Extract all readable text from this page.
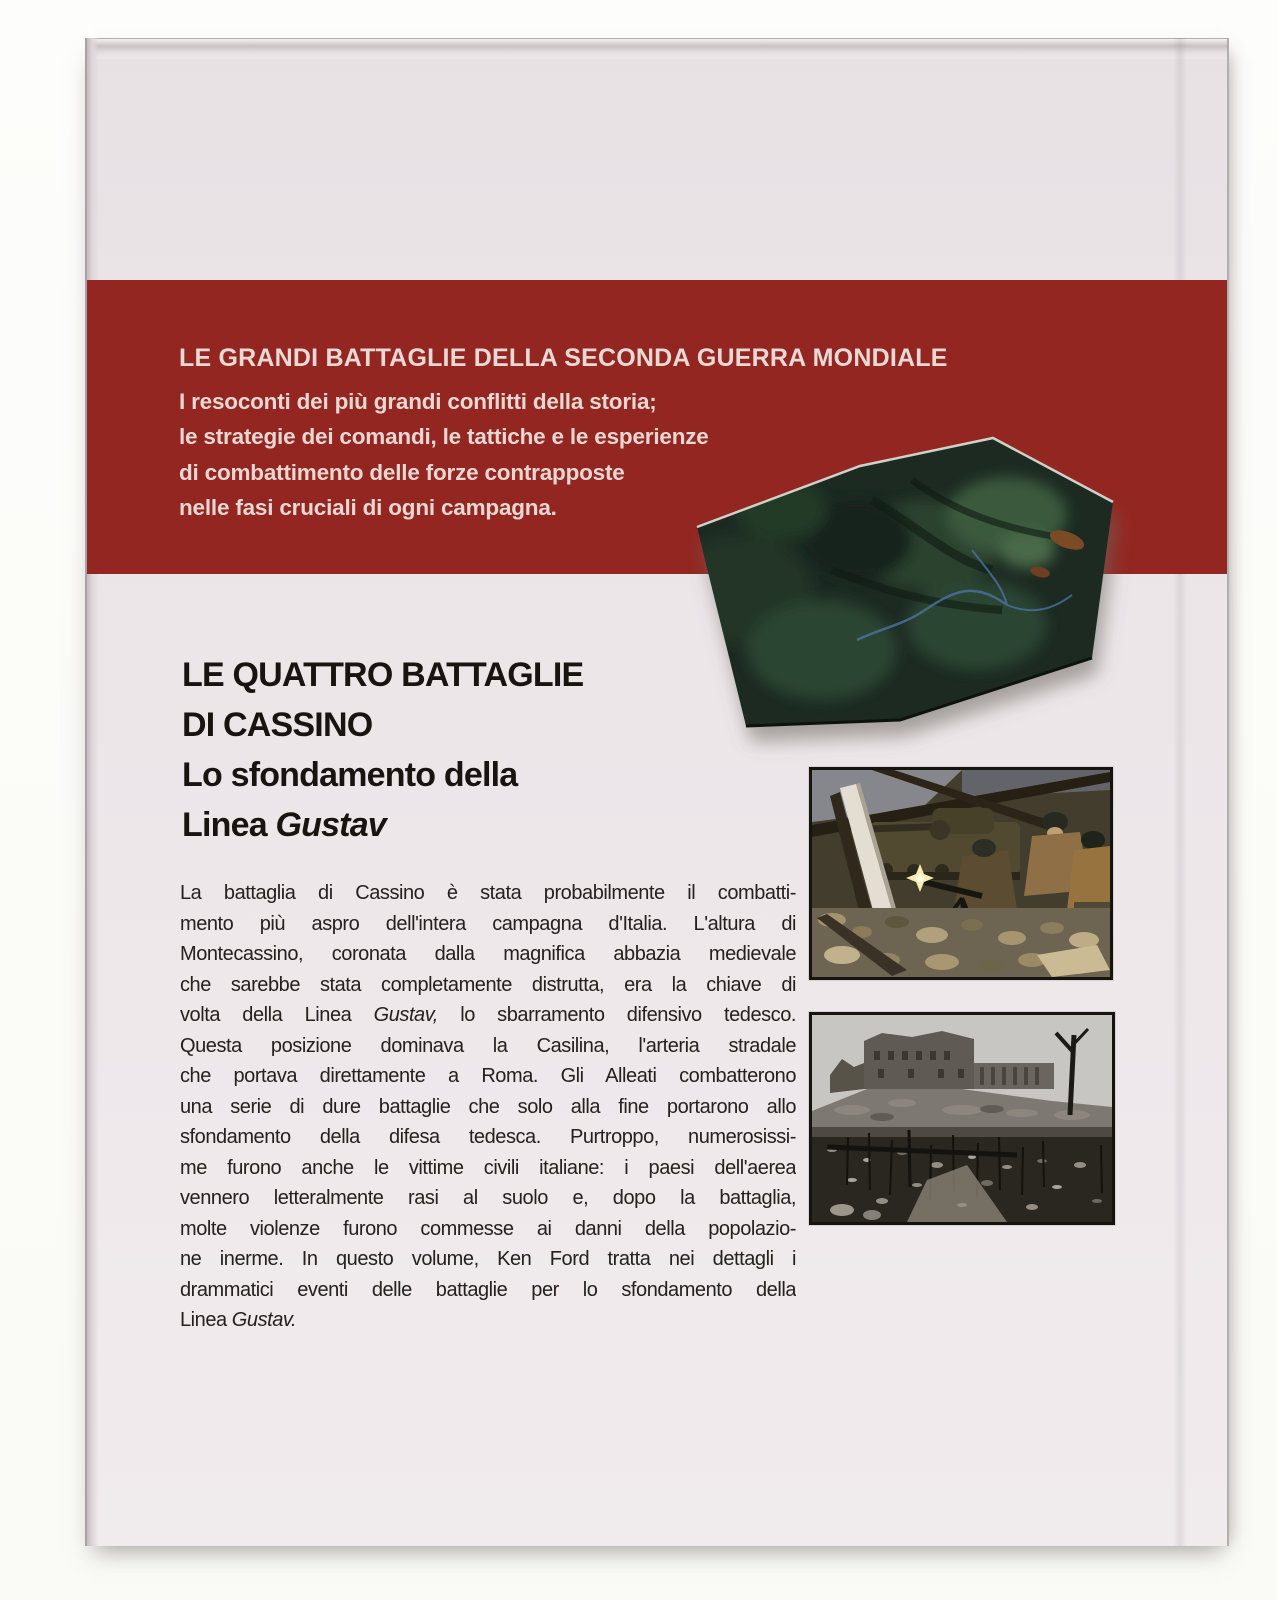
LE GRANDI BATTAGLIE DELLA SECONDA GUERRA MONDIALE
I resoconti dei più grandi conflitti della storia;
le strategie dei comandi, le tattiche e le esperienze
di combattimento delle forze contrapposte
nelle fasi cruciali di ogni campagna.
LE QUATTRO BATTAGLIE
DI CASSINO
Lo sfondamento della
Linea Gustav
La battaglia di Cassino è stata probabilmente il combatti-
mento più aspro dell'intera campagna d'Italia. L'altura di
Montecassino, coronata dalla magnifica abbazia medievale
che sarebbe stata completamente distrutta, era la chiave di
volta della Linea Gustav, lo sbarramento difensivo tedesco.
Questa posizione dominava la Casilina, l'arteria stradale
che portava direttamente a Roma. Gli Alleati combatterono
una serie di dure battaglie che solo alla fine portarono allo
sfondamento della difesa tedesca. Purtroppo, numerosissi-
me furono anche le vittime civili italiane: i paesi dell'aerea
vennero letteralmente rasi al suolo e, dopo la battaglia,
molte violenze furono commesse ai danni della popolazio-
ne inerme. In questo volume, Ken Ford tratta nei dettagli i
drammatici eventi delle battaglie per lo sfondamento della
Linea Gustav.
